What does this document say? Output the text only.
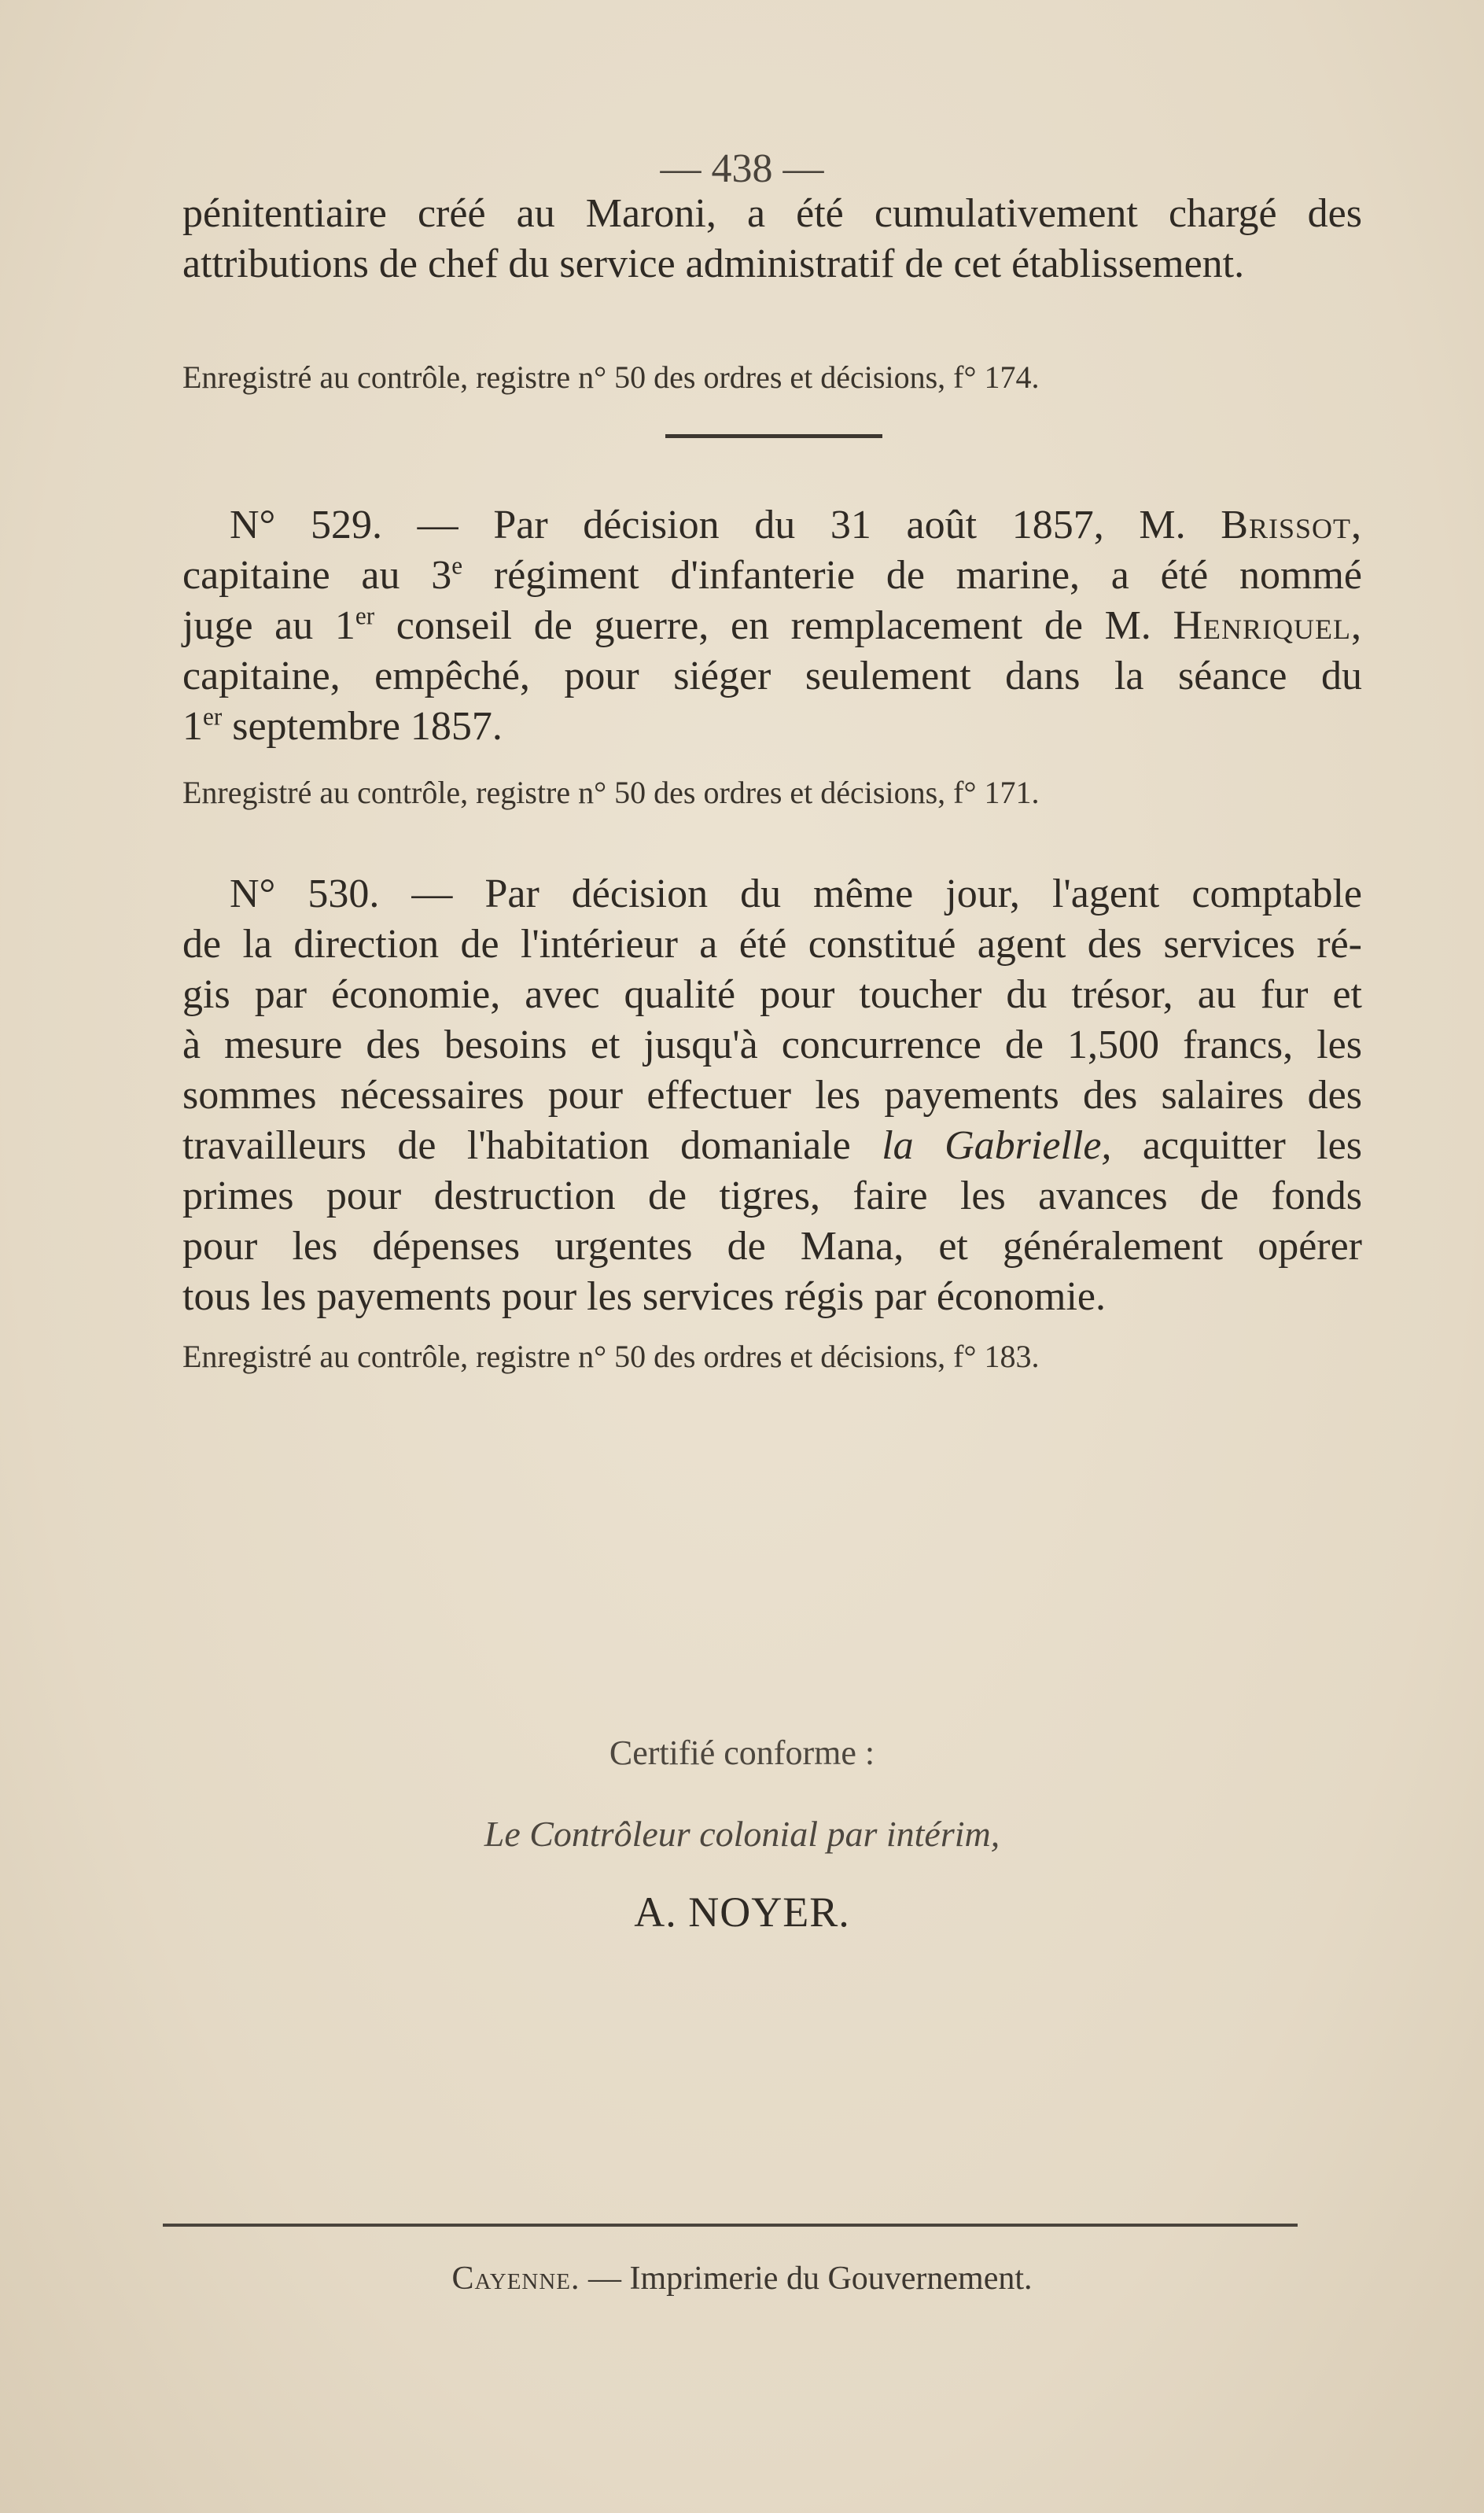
— 438 —

pénitentiaire créé au Maroni, a été cumulativement chargé des
attributions de chef du service administratif de cet établissement.

Enregistré au contrôle, registre n° 50 des ordres et décisions, f° 174.

N° 529. — Par décision du 31 août 1857, M. Brissot,
capitaine au 3e régiment d'infanterie de marine, a été nommé
juge au 1er conseil de guerre, en remplacement de M. Henriquel,
capitaine, empêché, pour siéger seulement dans la séance du
1er septembre 1857.

Enregistré au contrôle, registre n° 50 des ordres et décisions, f° 171.

N° 530. — Par décision du même jour, l'agent comptable
de la direction de l'intérieur a été constitué agent des services ré-
gis par économie, avec qualité pour toucher du trésor, au fur et
à mesure des besoins et jusqu'à concurrence de 1,500 francs, les
sommes nécessaires pour effectuer les payements des salaires des
travailleurs de l'habitation domaniale la Gabrielle, acquitter les
primes pour destruction de tigres, faire les avances de fonds
pour les dépenses urgentes de Mana, et généralement opérer
tous les payements pour les services régis par économie.

Enregistré au contrôle, registre n° 50 des ordres et décisions, f° 183.
Certifié conforme :
Le Contrôleur colonial par intérim,
A. NOYER.
Cayenne. — Imprimerie du Gouvernement.
